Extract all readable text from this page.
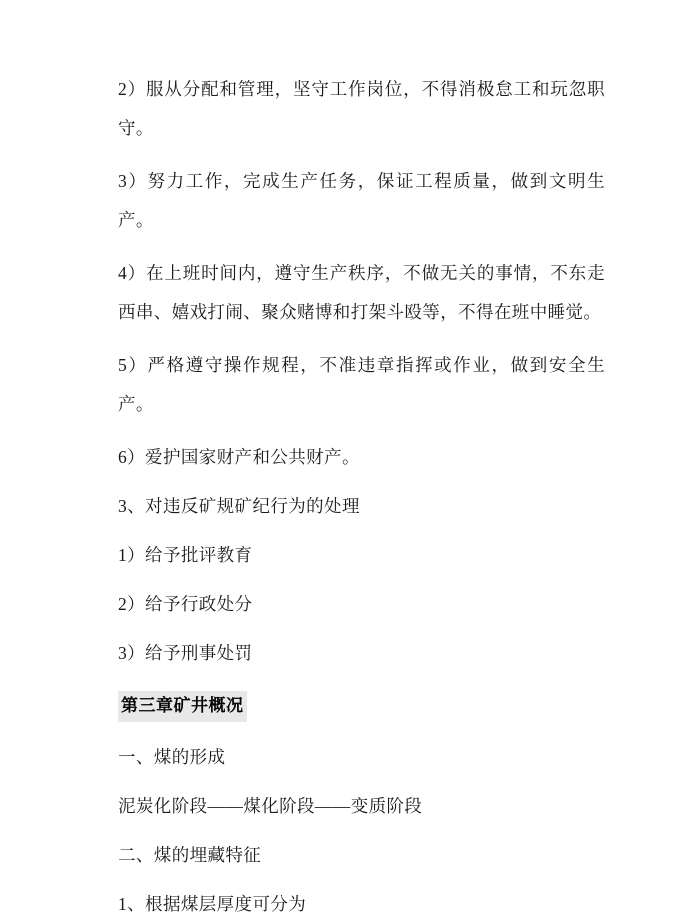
2）服从分配和管理，坚守工作岗位，不得消极怠工和玩忽职守。

3）努力工作，完成生产任务，保证工程质量，做到文明生产。

4）在上班时间内，遵守生产秩序，不做无关的事情，不东走西串、嬉戏打闹、聚众赌博和打架斗殴等，不得在班中睡觉。

5）严格遵守操作规程，不准违章指挥或作业，做到安全生产。

6）爱护国家财产和公共财产。

3、对违反矿规矿纪行为的处理

1）给予批评教育

2）给予行政处分

3）给予刑事处罚

第三章矿井概况

一、煤的形成

泥炭化阶段——煤化阶段——变质阶段

二、煤的埋藏特征

1、根据煤层厚度可分为
